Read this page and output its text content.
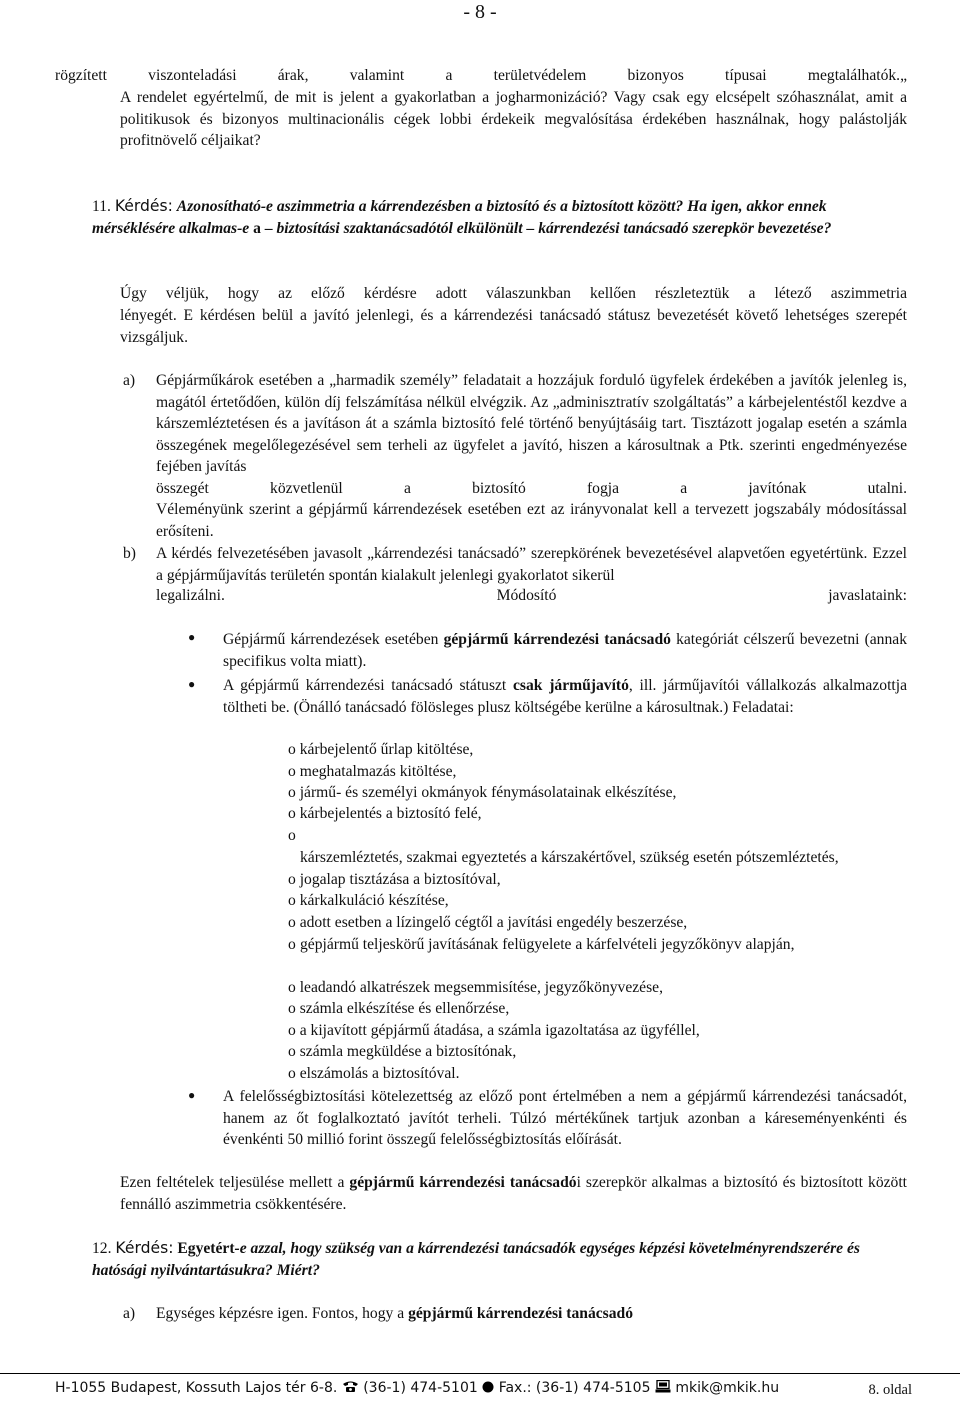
- 8 -
rögzített viszonteladási árak, valamint a területvédelem bizonyos típusai megtalálhatók.„
A rendelet egyértelmű, de mit is jelent a gyakorlatban a jogharmonizáció? Vagy csak egy elcsépelt szóhasználat, amit a politikusok és bizonyos multinacionális cégek lobbi érdekeik megvalósítása érdekében használnak, hogy palástolják profitnövelő céljaikat?
11. Kérdés: Azonosítható-e aszimmetria a kárrendezésben a biztosító és a biztosított között? Ha igen, akkor ennek mérséklésére alkalmas-e a – biztosítási szaktanácsadótól elkülönült – kárrendezési tanácsadó szerepkör bevezetése?
Úgy véljük, hogy az előző kérdésre adott válaszunkban kellően részleteztük a létező aszimmetria
lényegét. E kérdésen belül a javító jelenlegi, és a kárrendezési tanácsadó státusz bevezetését követő lehetséges szerepét vizsgáljuk.
a) Gépjárműkárok esetében a „harmadik személy” feladatait a hozzájuk forduló ügyfelek érdekében a javítók jelenleg is, magától értetődően, külön díj felszámítása nélkül elvégzik. Az „adminisztratív szolgáltatás” a kárbejelentéstől kezdve a kárszemléztetésen és a javításon át a számla biztosító felé történő benyújtásáig tart. Tisztázott jogalap esetén a számla összegének megelőlegezésével sem terheli az ügyfelet a javító, hiszen a károsultnak a Ptk. szerinti engedményezése fejében javítás
összegét közvetlenül a biztosító fogja a javítónak utalni.
Véleményünk szerint a gépjármű kárrendezések esetében ezt az irányvonalat kell a tervezett jogszabály módosítással erősíteni.
b) A kérdés felvezetésében javasolt „kárrendezési tanácsadó” szerepkörének bevezetésével alapvetően egyetértünk. Ezzel a gépjárműjavítás területén spontán kialakult jelenlegi gyakorlatot sikerül
legalizálni. Módosító javaslataink:
● Gépjármű kárrendezések esetében gépjármű kárrendezési tanácsadó kategóriát célszerű bevezetni (annak specifikus volta miatt).
● A gépjármű kárrendezési tanácsadó státuszt csak járműjavító, ill. járműjavítói vállalkozás alkalmazottja töltheti be. (Önálló tanácsadó fölösleges plusz költségébe kerülne a károsultnak.) Feladatai:
o kárbejelentő űrlap kitöltése,
o meghatalmazás kitöltése,
o jármű- és személyi okmányok fénymásolatainak elkészítése,
o kárbejelentés a biztosító felé,
o
kárszemléztetés, szakmai egyeztetés a kárszakértővel, szükség esetén pótszemléztetés,
o jogalap tisztázása a biztosítóval,
o kárkalkuláció készítése,
o adott esetben a lízingelő cégtől a javítási engedély beszerzése,
o gépjármű teljeskörű javításának felügyelete a kárfelvételi jegyzőkönyv alapján,
o leadandó alkatrészek megsemmisítése, jegyzőkönyvezése,
o számla elkészítése és ellenőrzése,
o a kijavított gépjármű átadása, a számla igazoltatása az ügyféllel,
o számla megküldése a biztosítónak,
o elszámolás a biztosítóval.
● A felelősségbiztosítási kötelezettség az előző pont értelmében a nem a gépjármű kárrendezési tanácsadót, hanem az őt foglalkoztató javítót terheli. Túlzó mértékűnek tartjuk azonban a káreseményenkénti és évenkénti 50 millió forint összegű felelősségbiztosítás előírását.
Ezen feltételek teljesülése mellett a gépjármű kárrendezési tanácsadói szerepkör alkalmas a biztosító és biztosított között fennálló aszimmetria csökkentésére.
12. Kérdés: Egyetért-e azzal, hogy szükség van a kárrendezési tanácsadók egységes képzési követelményrendszerére és hatósági nyilvántartásukra? Miért?
a) Egységes képzésre igen. Fontos, hogy a gépjármű kárrendezési tanácsadó
H-1055 Budapest, Kossuth Lajos tér 6-8. (36-1) 474-5101 Fax.: (36-1) 474-5105 mkik@mkik.hu	8. oldal
